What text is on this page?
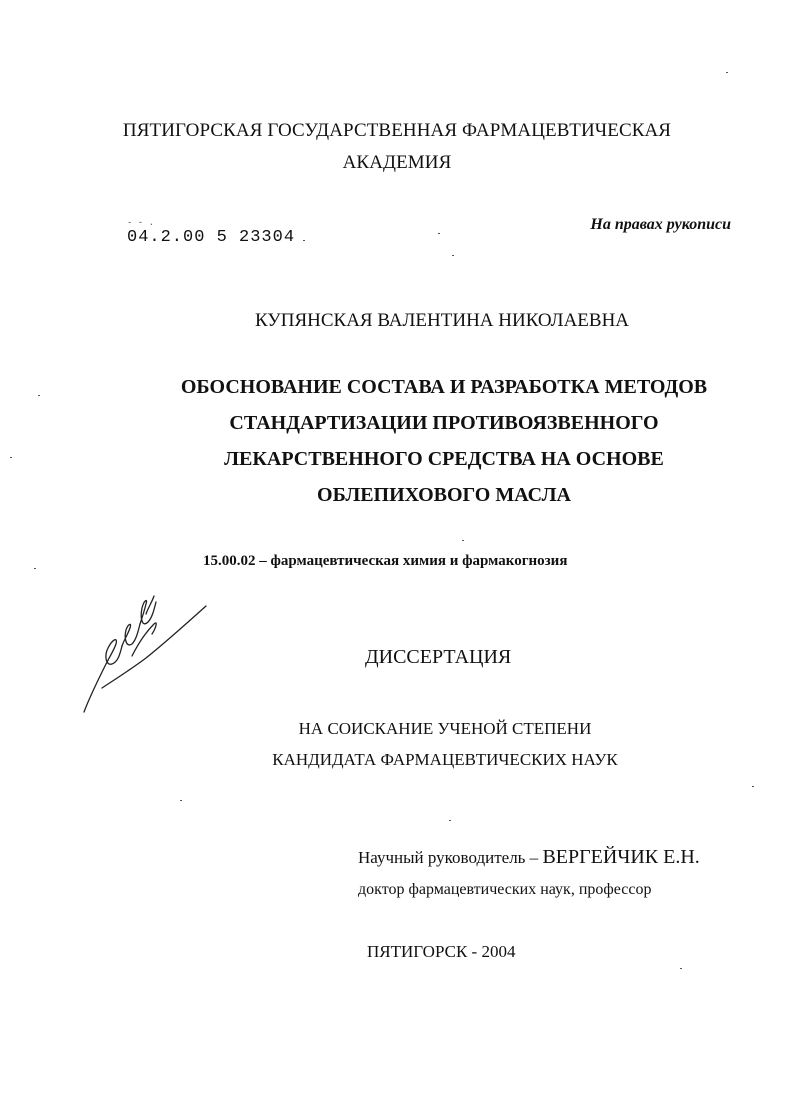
ПЯТИГОРСКАЯ ГОСУДАРСТВЕННАЯ ФАРМАЦЕВТИЧЕСКАЯ
АКАДЕМИЯ
- - .
04.2.00 5 23304
На правах рукописи
КУПЯНСКАЯ ВАЛЕНТИНА НИКОЛАЕВНА
ОБОСНОВАНИЕ СОСТАВА И РАЗРАБОТКА МЕТОДОВ
СТАНДАРТИЗАЦИИ ПРОТИВОЯЗВЕННОГО
ЛЕКАРСТВЕННОГО СРЕДСТВА НА ОСНОВЕ
ОБЛЕПИХОВОГО МАСЛА
15.00.02 – фармацевтическая химия и фармакогнозия
ДИССЕРТАЦИЯ
НА СОИСКАНИЕ УЧЕНОЙ СТЕПЕНИ
КАНДИДАТА ФАРМАЦЕВТИЧЕСКИХ НАУК
Научный руководитель – ВЕРГЕЙЧИК Е.Н.
доктор фармацевтических наук, профессор
ПЯТИГОРСК - 2004
